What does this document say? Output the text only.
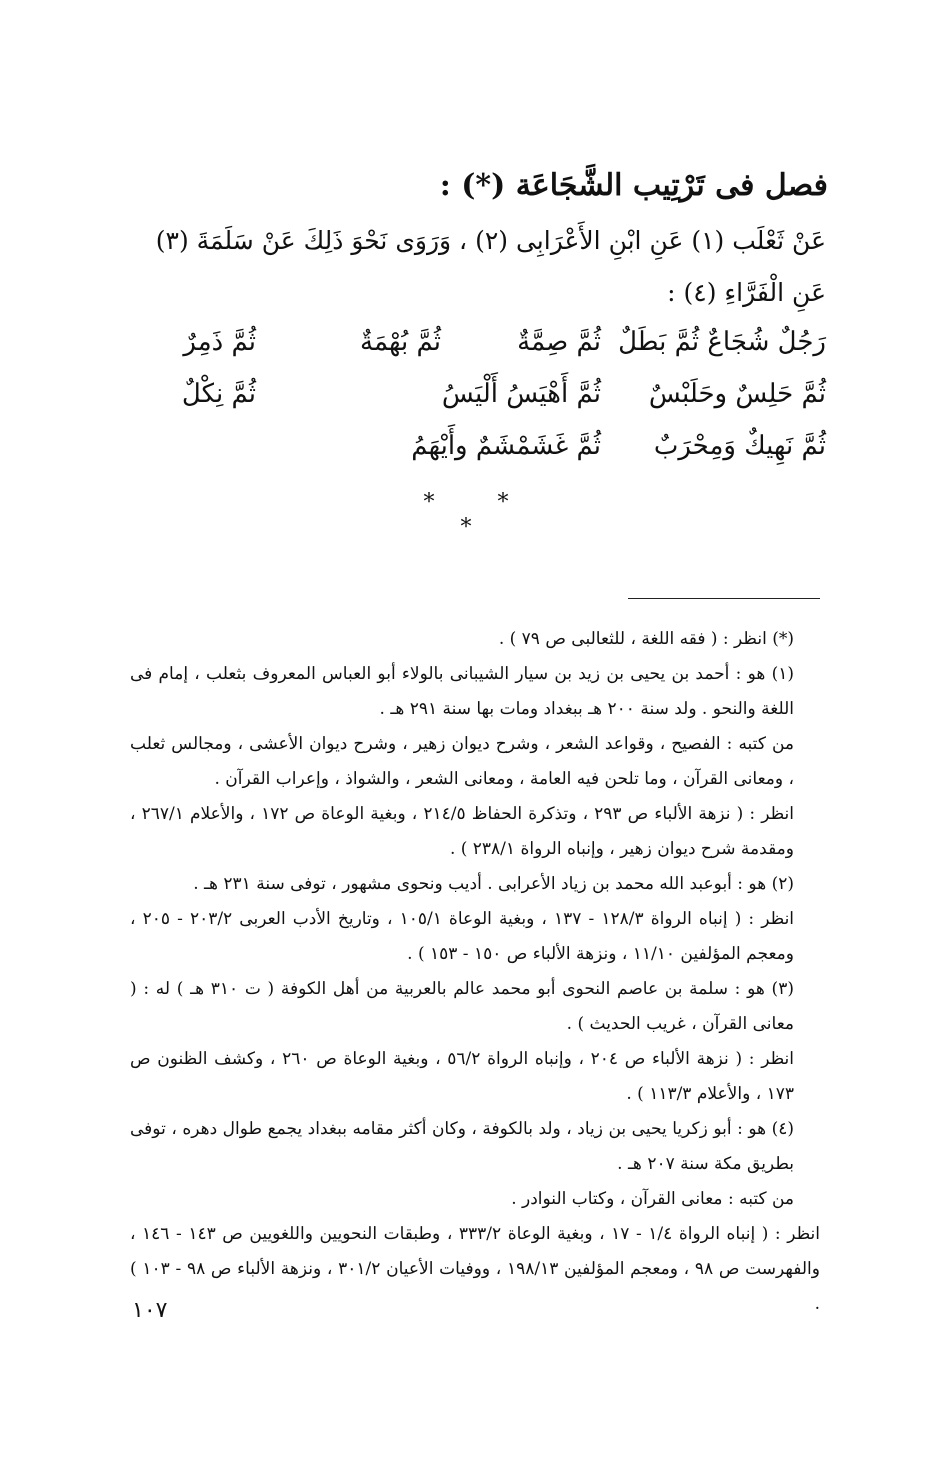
فصل فى تَرْتِيب الشَّجَاعَة (*) :
عَنْ ثَعْلَب (١) عَنِ ابْنِ الأَعْرَابِى (٢) ، وَرَوَى نَحْوَ ذَلِكَ عَنْ سَلَمَةَ (٣)
عَنِ الْفَرَّاءِ (٤) :
رَجُلٌ شُجَاعٌ ثُمَّ بَطَلٌ
ثُمَّ صِمَّةٌ
ثُمَّ بُهْمَةٌ
ثُمَّ ذَمِرٌ
ثُمَّ حَلِسٌ وحَلَبْسٌ
ثُمَّ أَهْيَسُ أَلْيَسُ
ثُمَّ نِكْلٌ
ثُمَّ نَهِيكٌ وَمِحْرَبٌ
ثُمَّ غَشَمْشَمٌ وأَيْهَمُ
* * *

(*) انظر : ( فقه اللغة ، للثعالبى ص ٧٩ ) .

(١) هو : أحمد بن يحيى بن زيد بن سيار الشيبانى بالولاء أبو العباس المعروف بثعلب ، إمام فى اللغة والنحو . ولد سنة ٢٠٠ هـ ببغداد ومات بها سنة ٢٩١ هـ .

من كتبه : الفصيح ، وقواعد الشعر ، وشرح ديوان زهير ، وشرح ديوان الأعشى ، ومجالس ثعلب ، ومعانى القرآن ، وما تلحن فيه العامة ، ومعانى الشعر ، والشواذ ، وإعراب القرآن .

انظر : ( نزهة الألباء ص ٢٩٣ ، وتذكرة الحفاظ ٢١٤/٥ ، وبغية الوعاة ص ١٧٢ ، والأعلام ٢٦٧/١ ، ومقدمة شرح ديوان زهير ، وإنباه الرواة ٢٣٨/١ ) .

(٢) هو : أبوعبد الله محمد بن زياد الأعرابى . أديب ونحوى مشهور ، توفى سنة ٢٣١ هـ .

انظر : ( إنباه الرواة ١٢٨/٣ - ١٣٧ ، وبغية الوعاة ١٠٥/١ ، وتاريخ الأدب العربى ٢٠٣/٢ - ٢٠٥ ، ومعجم المؤلفين ١١/١٠ ، ونزهة الألباء ص ١٥٠ - ١٥٣ ) .

(٣) هو : سلمة بن عاصم النحوى أبو محمد عالم بالعربية من أهل الكوفة ( ت ٣١٠ هـ ) له : ( معانى القرآن ، غريب الحديث ) .

انظر : ( نزهة الألباء ص ٢٠٤ ، وإنباه الرواة ٥٦/٢ ، وبغية الوعاة ص ٢٦٠ ، وكشف الظنون ص ١٧٣ ، والأعلام ١١٣/٣ ) .

(٤) هو : أبو زكريا يحيى بن زياد ، ولد بالكوفة ، وكان أكثر مقامه ببغداد يجمع طوال دهره ، توفى بطريق مكة سنة ٢٠٧ هـ .

من كتبه : معانى القرآن ، وكتاب النوادر .

انظر : ( إنباه الرواة ١/٤ - ١٧ ، وبغية الوعاة ٣٣٣/٢ ، وطبقات النحويين واللغويين ص ١٤٣ - ١٤٦ ، والفهرست ص ٩٨ ، ومعجم المؤلفين ١٩٨/١٣ ، ووفيات الأعيان ٣٠١/٢ ، ونزهة الألباء ص ٩٨ - ١٠٣ ) .

١٠٧
